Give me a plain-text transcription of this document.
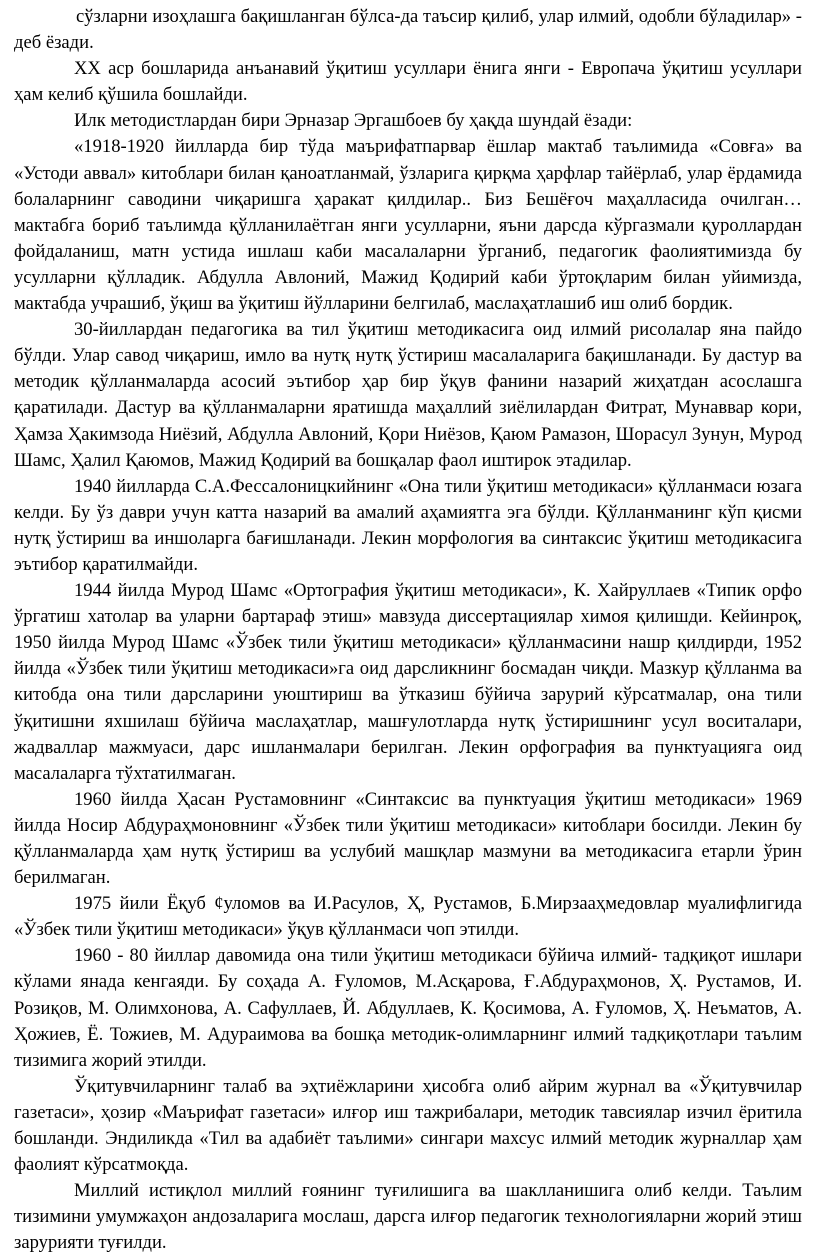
сўзларни изоҳлашга бақишланган бўлса-да таъсир қилиб, улар илмий, одобли бўладилар» - деб ёзади.

XX аср бошларида анъанавий ўқитиш усуллари ёнига янги - Европача ўқитиш усуллари ҳам келиб қўшила бошлайди.

Илк методистлардан бири Эрназар Эргашбоев бу ҳақда шундай ёзади:

«1918-1920 йилларда бир тўда маърифатпарвар ёшлар мактаб таълимида «Совға» ва «Устоди аввал» китоблари билан қаноатланмай, ўзларига қирқма ҳарфлар тайёрлаб, улар ёрдамида болаларнинг саводини чиқаришга ҳаракат қилдилар.. Биз Бешёғоч маҳалласида очилган… мактабга бориб таълимда қўлланилаётган янги усулларни, яъни дарсда кўргазмали қуроллардан фойдаланиш, матн устида ишлаш каби масалаларни ўрганиб, педагогик фаолиятимизда бу усулларни қўлладик. Абдулла Авлоний, Мажид Қодирий каби ўртоқларим билан уйимизда, мактабда учрашиб, ўқиш ва ўқитиш йўлларини белгилаб, маслаҳатлашиб иш олиб бордик.

30-йиллардан педагогика ва тил ўқитиш методикасига оид илмий рисолалар яна пайдо бўлди. Улар савод чиқариш, имло ва нутқ нутқ ўстириш масалаларига бақишланади. Бу дастур ва методик қўлланмаларда асосий эътибор ҳар бир ўқув фанини назарий жиҳатдан асослашга қаратилади. Дастур ва қўлланмаларни яратишда маҳаллий зиёлилардан Фитрат, Мунаввар кори, Ҳамза Ҳакимзода Ниёзий, Абдулла Авлоний, Қори Ниёзов, Қаюм Рамазон, Шорасул Зунун, Мурод Шамс, Ҳалил Қаюмов, Мажид Қодирий ва бошқалар фаол иштирок этадилар.

1940 йилларда С.А.Фессалоницкийнинг «Она тили ўқитиш методикаси» қўлланмаси юзага келди. Бу ўз даври учун катта назарий ва амалий аҳамиятга эга бўлди. Қўлланманинг кўп қисми нутқ ўстириш ва иншоларга бағишланади. Лекин морфология ва синтаксис ўқитиш методикасига эътибор қаратилмайди.

1944 йилда Мурод Шамс «Ортография ўқитиш методикаси», К. Хайруллаев «Типик орфо ўргатиш хатолар ва уларни бартараф этиш» мавзуда диссертациялар химоя қилишди. Кейинроқ, 1950 йилда Мурод Шамс «Ўзбек тили ўқитиш методикаси» қўлланмасини нашр қилдирди, 1952 йилда «Ўзбек тили ўқитиш методикаси»га оид дарсликнинг босмадан чиқди. Мазкур қўлланма ва китобда она тили дарсларини уюштириш ва ўтказиш бўйича зарурий кўрсатмалар, она тили ўқитишни яхшилаш бўйича маслаҳатлар, машғулотларда нутқ ўстиришнинг усул воситалари, жадваллар мажмуаси, дарс ишланмалари берилган. Лекин орфография ва пунктуацияга оид масалаларга тўхтатилмаган.

1960 йилда Ҳасан Рустамовнинг «Синтаксис ва пунктуация ўқитиш методикаси» 1969 йилда Носир Абдураҳмоновнинг «Ўзбек тили ўқитиш методикаси» китоблари босилди. Лекин бу қўлланмаларда ҳам нутқ ўстириш ва услубий машқлар мазмуни ва методикасига етарли ўрин берилмаган.

1975 йили Ёқуб ¢уломов ва И.Расулов, Ҳ, Рустамов, Б.Мирзааҳмедовлар муалифлигида «Ўзбек тили ўқитиш методикаси» ўқув қўлланмаси чоп этилди.

1960 - 80 йиллар давомида она тили ўқитиш методикаси бўйича илмий- тадқиқот ишлари кўлами янада кенгаяди. Бу соҳада А. Ғуломов, М.Асқарова, Ғ.Абдураҳмонов, Ҳ. Рустамов, И. Розиқов, М. Олимхонова, А. Сафуллаев, Й. Абдуллаев, К. Қосимова, А. Ғуломов, Ҳ. Неъматов, А. Ҳожиев, Ё. Тожиев, М. Адураимова ва бошқа методик-олимларнинг илмий тадқиқотлари таълим тизимига жорий этилди.

Ўқитувчиларнинг талаб ва эҳтиёжларини ҳисобга олиб айрим журнал ва «Ўқитувчилар газетаси», ҳозир «Маърифат газетаси» илғор иш тажрибалари, методик тавсиялар изчил ёритила бошланди. Эндиликда «Тил ва адабиёт таълими» сингари махсус илмий методик журналлар ҳам фаолият кўрсатмоқда.

Миллий истиқлол миллий ғоянинг туғилишига ва шаклланишига олиб келди. Таълим тизимини умумжаҳон андозаларига мослаш, дарсга илғор педагогик технологияларни жорий этиш зарурияти туғилди.
